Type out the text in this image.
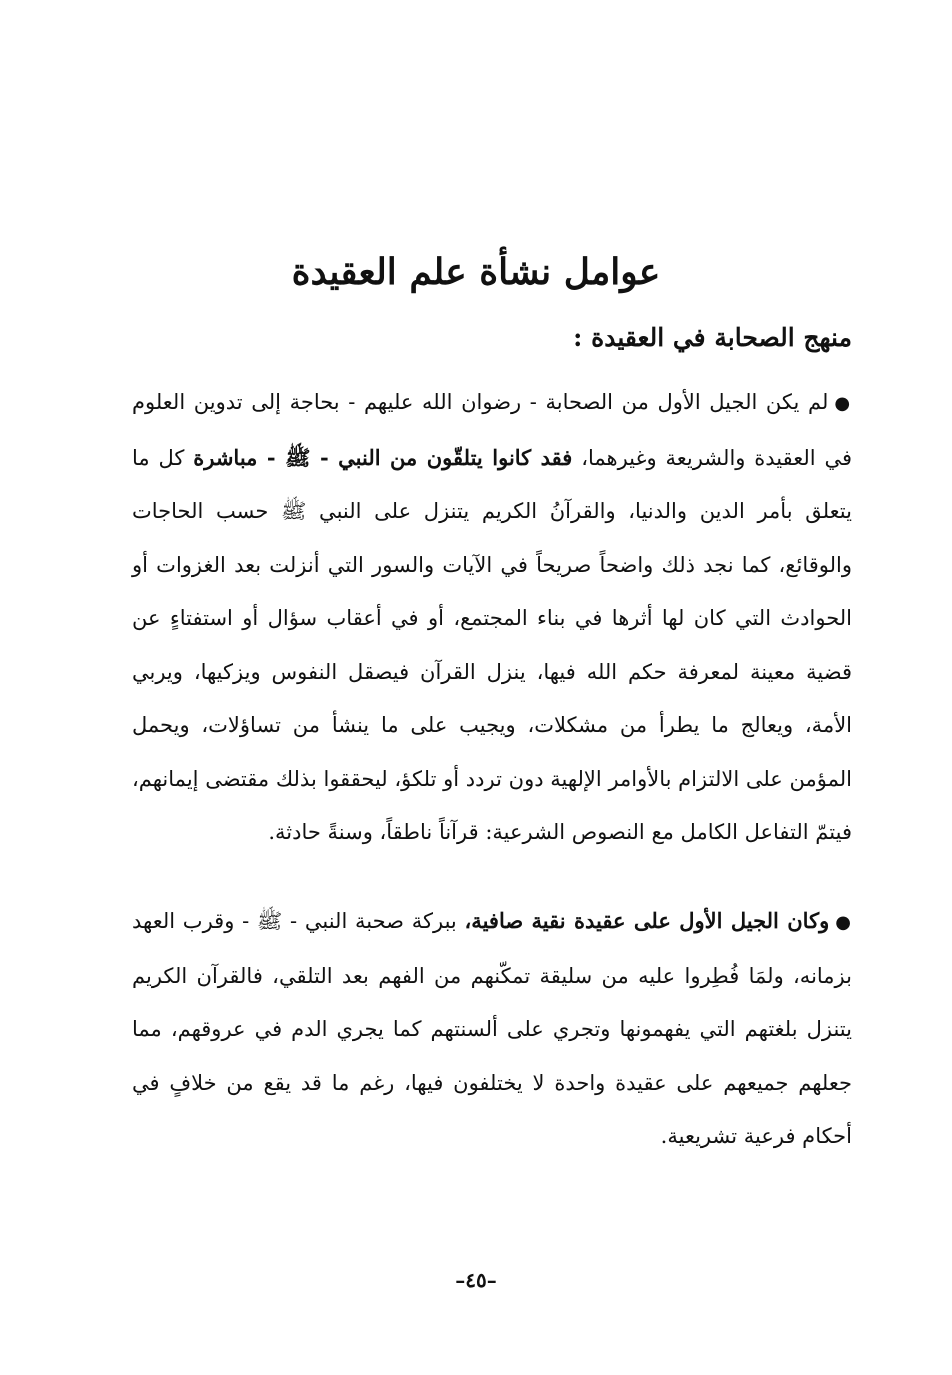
عوامل نشأة علم العقيدة
منهج الصحابة في العقيدة :

●لم يكن الجيل الأول من الصحابة - رضوان الله عليهم - بحاجة إلى تدوين العلوم في العقيدة والشريعة وغيرهما، فقد كانوا يتلقّون من النبي - ﷺ - مباشرة كل ما يتعلق بأمر الدين والدنيا، والقرآنُ الكريم يتنزل على النبي ﷺ حسب الحاجات والوقائع، كما نجد ذلك واضحاً صريحاً في الآيات والسور التي أنزلت بعد الغزوات أو الحوادث التي كان لها أثرها في بناء المجتمع، أو في أعقاب سؤال أو استفتاءٍ عن قضية معينة لمعرفة حكم الله فيها، ينزل القرآن فيصقل النفوس ويزكيها، ويربي الأمة، ويعالج ما يطرأ من مشكلات، ويجيب على ما ينشأ من تساؤلات، ويحمل المؤمن على الالتزام بالأوامر الإلهية دون تردد أو تلكؤ، ليحققوا بذلك مقتضى إيمانهم، فيتمّ التفاعل الكامل مع النصوص الشرعية: قرآناً ناطقاً، وسنةً حادثة.

●وكان الجيل الأول على عقيدة نقية صافية، ببركة صحبة النبي - ﷺ - وقرب العهد بزمانه، ولمَا فُطِروا عليه من سليقة تمكّنهم من الفهم بعد التلقي، فالقرآن الكريم يتنزل بلغتهم التي يفهمونها وتجري على ألسنتهم كما يجري الدم في عروقهم، مما جعلهم جميعهم على عقيدة واحدة لا يختلفون فيها، رغم ما قد يقع من خلافٍ في أحكام فرعية تشريعية.

–٤٥–
